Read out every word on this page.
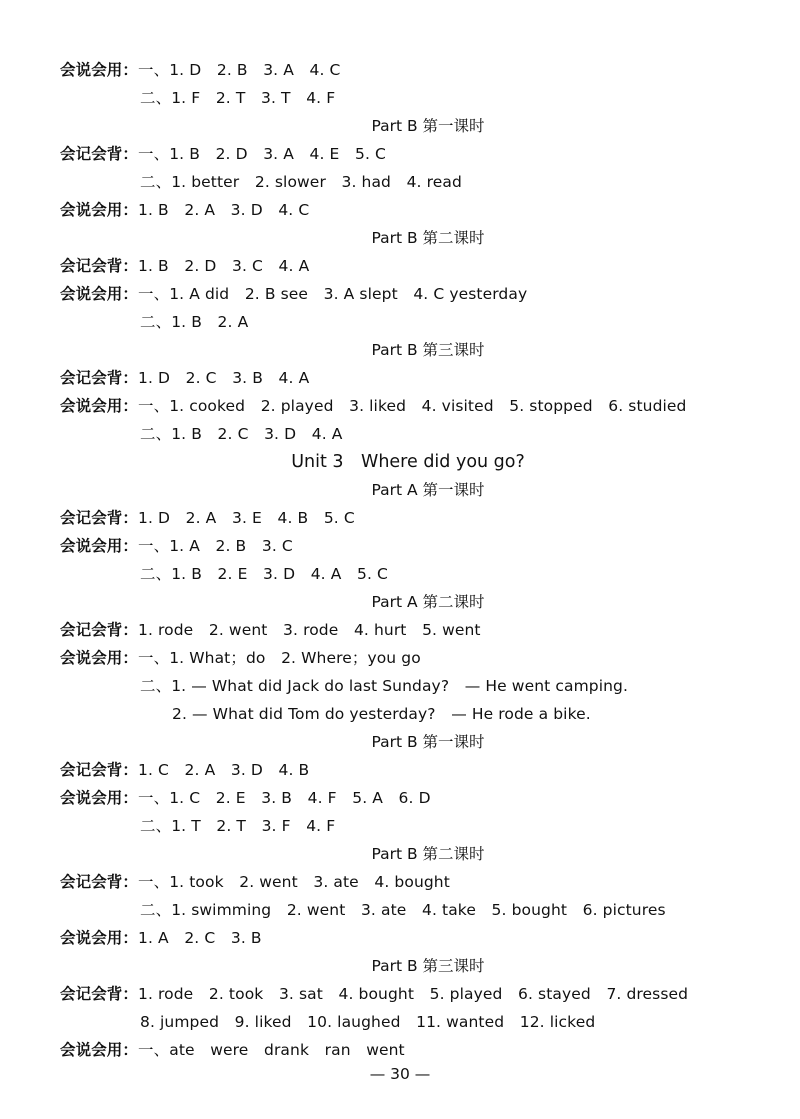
会说会用：一、1. D　2. B　3. A　4. C
二、1. F　2. T　3. T　4. F
Part B 第一课时
会记会背：一、1. B　2. D　3. A　4. E　5. C
二、1. better　2. slower　3. had　4. read
会说会用：1. B　2. A　3. D　4. C
Part B 第二课时
会记会背：1. B　2. D　3. C　4. A
会说会用：一、1. A did　2. B see　3. A slept　4. C yesterday
二、1. B　2. A
Part B 第三课时
会记会背：1. D　2. C　3. B　4. A
会说会用：一、1. cooked　2. played　3. liked　4. visited　5. stopped　6. studied
二、1. B　2. C　3. D　4. A
Unit 3　Where did you go?
Part A 第一课时
会记会背：1. D　2. A　3. E　4. B　5. C
会说会用：一、1. A　2. B　3. C
二、1. B　2. E　3. D　4. A　5. C
Part A 第二课时
会记会背：1. rode　2. went　3. rode　4. hurt　5. went
会说会用：一、1. What；do　2. Where；you go
二、1. — What did Jack do last Sunday?　— He went camping.
2. — What did Tom do yesterday?　— He rode a bike.
Part B 第一课时
会记会背：1. C　2. A　3. D　4. B
会说会用：一、1. C　2. E　3. B　4. F　5. A　6. D
二、1. T　2. T　3. F　4. F
Part B 第二课时
会记会背：一、1. took　2. went　3. ate　4. bought
二、1. swimming　2. went　3. ate　4. take　5. bought　6. pictures
会说会用：1. A　2. C　3. B
Part B 第三课时
会记会背：1. rode　2. took　3. sat　4. bought　5. played　6. stayed　7. dressed
8. jumped　9. liked　10. laughed　11. wanted　12. licked
会说会用：一、ate　were　drank　ran　went
— 30 —
